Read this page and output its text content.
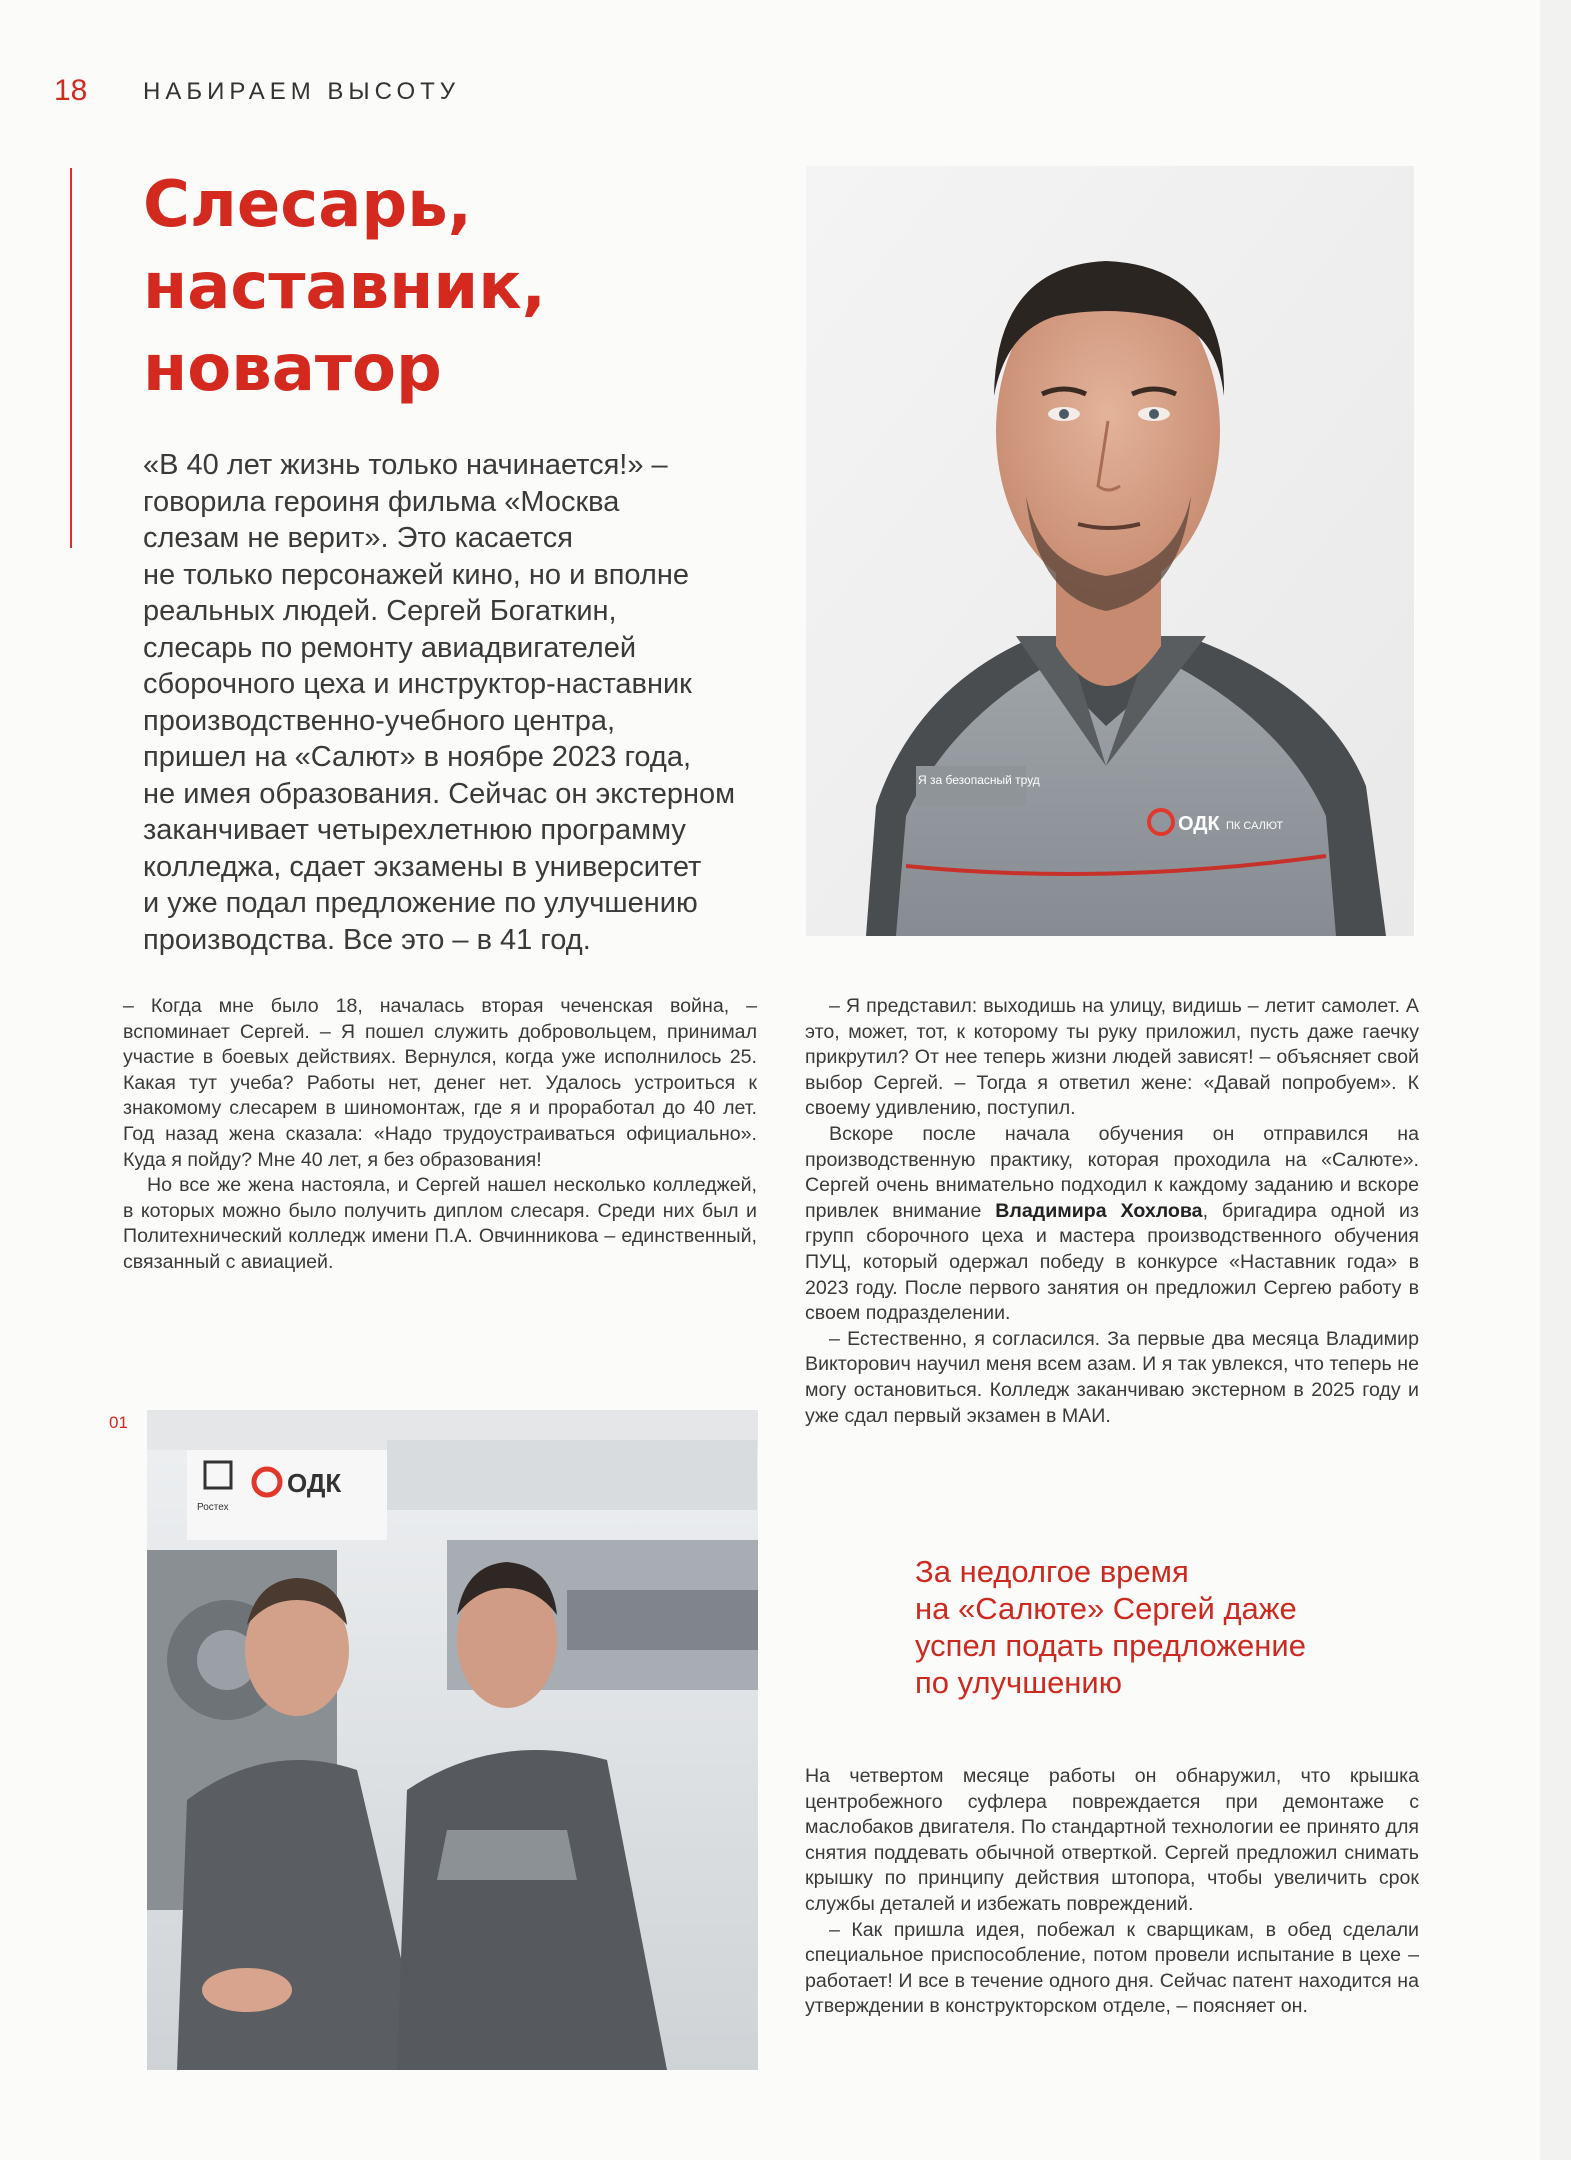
18 НАБИРАЕМ ВЫСОТУ
Слесарь,
наставник,
новатор
«В 40 лет жизнь только начинается!» –
говорила героиня фильма «Москва
слезам не верит». Это касается
не только персонажей кино, но и вполне
реальных людей. Сергей Богаткин,
слесарь по ремонту авиадвигателей
сборочного цеха и инструктор-наставник
производственно-учебного центра,
пришел на «Салют» в ноябре 2023 года,
не имея образования. Сейчас он экстерном
заканчивает четырехлетнюю программу
колледжа, сдает экзамены в университет
и уже подал предложение по улучшению
производства. Все это – в 41 год.
Я за безопасный труд
ОДК ПК САЛЮТ

– Когда мне было 18, началась вторая чеченская война, – вспоминает Сергей. – Я пошел служить добровольцем, принимал участие в боевых действиях. Вернулся, когда уже исполнилось 25. Какая тут учеба? Работы нет, денег нет. Удалось устроиться к знакомому слесарем в шиномонтаж, где я и проработал до 40 лет. Год назад жена сказала: «Надо трудоустраиваться официально». Куда я пойду? Мне 40 лет, я без образования!

Но все же жена настояла, и Сергей нашел несколько колледжей, в которых можно было получить диплом слесаря. Среди них был и Политехнический колледж имени П.А. Овчинникова – единственный, связанный с авиацией.

– Я представил: выходишь на улицу, видишь – летит самолет. А это, может, тот, к которому ты руку приложил, пусть даже гаечку прикрутил? От нее теперь жизни людей зависят! – объясняет свой выбор Сергей. – Тогда я ответил жене: «Давай попробуем». К своему удивлению, поступил.

Вскоре после начала обучения он отправился на производственную практику, которая проходила на «Салюте». Сергей очень внимательно подходил к каждому заданию и вскоре привлек внимание Владимира Хохлова, бригадира одной из групп сборочного цеха и мастера производственного обучения ПУЦ, который одержал победу в конкурсе «Наставник года» в 2023 году. После первого занятия он предложил Сергею работу в своем подразделении.

– Естественно, я согласился. За первые два месяца Владимир Викторович научил меня всем азам. И я так увлекся, что теперь не могу остановиться. Колледж заканчиваю экстерном в 2025 году и уже сдал первый экзамен в МАИ.

За недолгое время
на «Салюте» Сергей даже
успел подать предложение
по улучшению

На четвертом месяце работы он обнаружил, что крышка центробежного суфлера повреждается при демонтаже с маслобаков двигателя. По стандартной технологии ее принято для снятия поддевать обычной отверткой. Сергей предложил снимать крышку по принципу действия штопора, чтобы увеличить срок службы деталей и избежать повреждений.

– Как пришла идея, побежал к сварщикам, в обед сделали специальное приспособление, потом провели испытание в цехе – работает! И все в течение одного дня. Сейчас патент находится на утверждении в конструкторском отделе, – поясняет он.

01
Ростех
ОДК
